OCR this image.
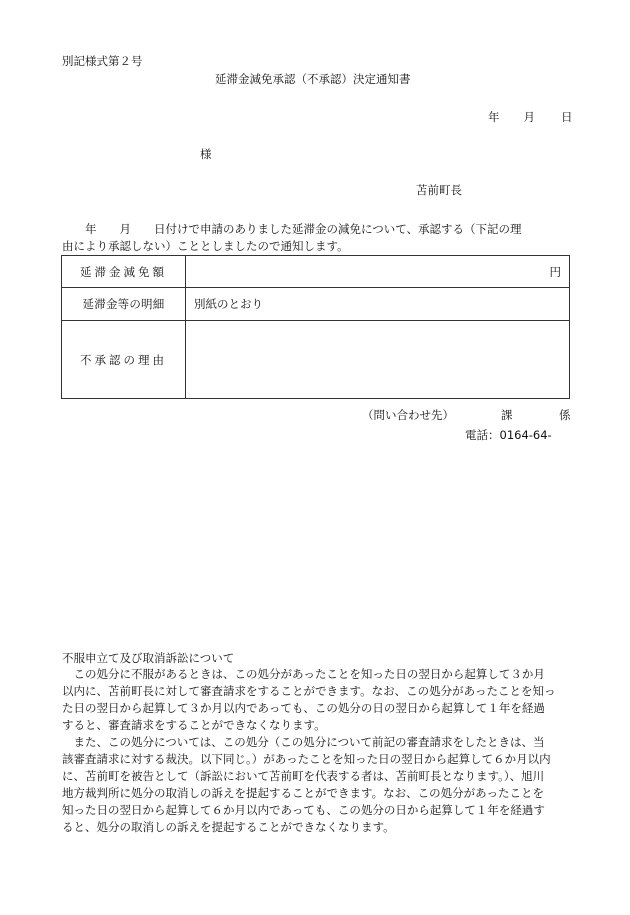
別記様式第２号
延滞金減免承認（不承認）決定通知書
年 月 日
様
苫前町長
　　年　　月　　日付けで申請のありました延滞金の減免について、承認する（下記の理
由により承認しない）こととしましたので通知します。
延滞金減免額	円
延滞金等の明細	別紙のとおり
不承認の理由	
（問い合わせ先）	課	係
電話：0164-64-
不服申立て及び取消訴訟について
　この処分に不服があるときは、この処分があったことを知った日の翌日から起算して３か月
以内に、苫前町長に対して審査請求をすることができます。なお、この処分があったことを知っ
た日の翌日から起算して３か月以内であっても、この処分の日の翌日から起算して１年を経過
すると、審査請求をすることができなくなります。
　また、この処分については、この処分（この処分について前記の審査請求をしたときは、当
該審査請求に対する裁決。以下同じ。）があったことを知った日の翌日から起算して６か月以内
に、苫前町を被告として（訴訟において苫前町を代表する者は、苫前町長となります。）、旭川
地方裁判所に処分の取消しの訴えを提起することができます。なお、この処分があったことを
知った日の翌日から起算して６か月以内であっても、この処分の日から起算して１年を経過す
ると、処分の取消しの訴えを提起することができなくなります。
